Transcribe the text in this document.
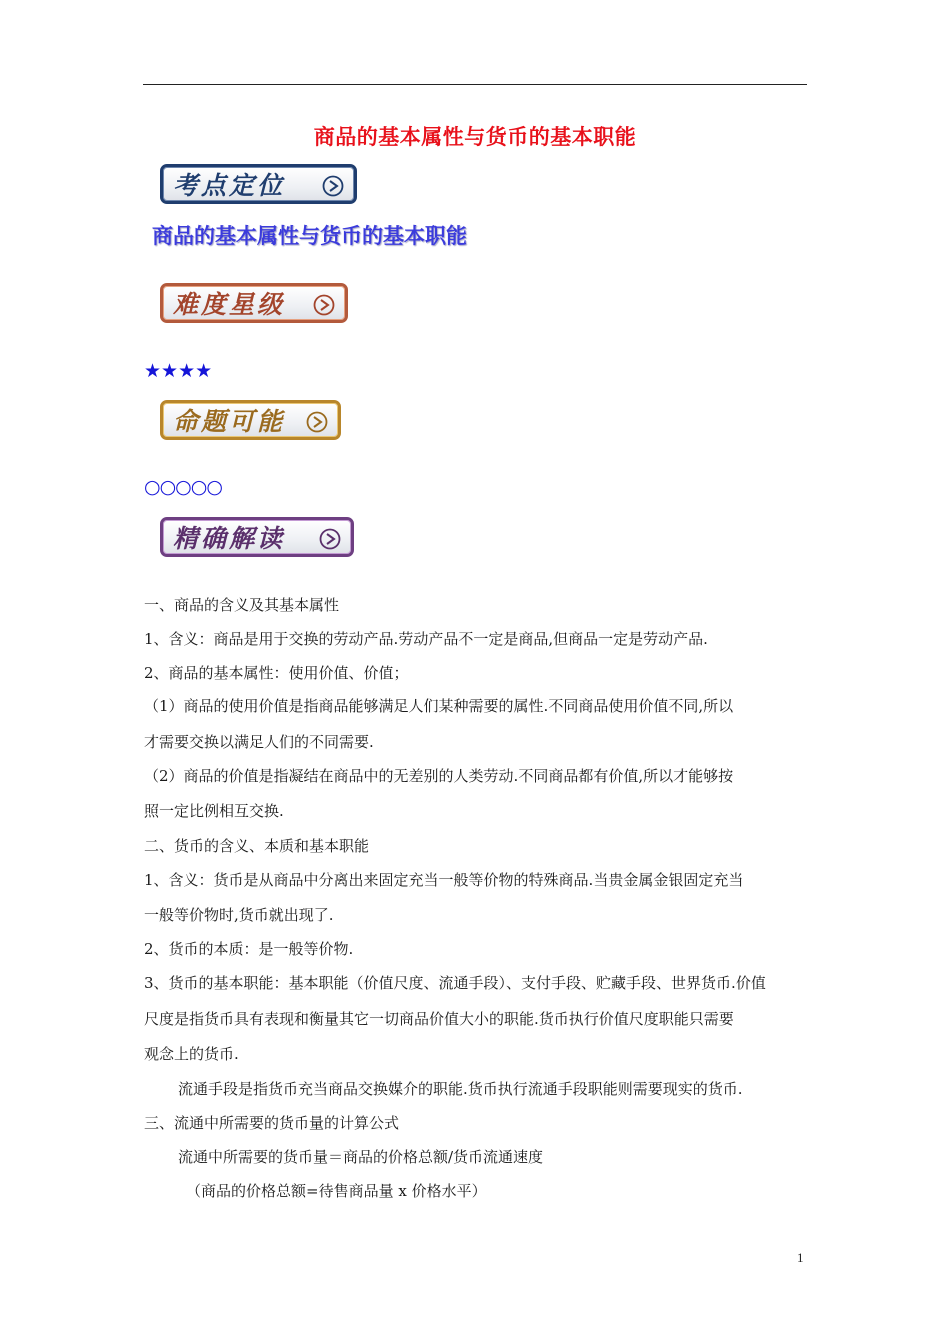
商品的基本属性与货币的基本职能
考点定位
商品的基本属性与货币的基本职能
难度星级
★★★★
命题可能
○○○○○
精确解读
一、商品的含义及其基本属性
1、含义：商品是用于交换的劳动产品.劳动产品不一定是商品,但商品一定是劳动产品.
2、商品的基本属性：使用价值、价值；
（1）商品的使用价值是指商品能够满足人们某种需要的属性.不同商品使用价值不同,所以
才需要交换以满足人们的不同需要.
（2）商品的价值是指凝结在商品中的无差别的人类劳动.不同商品都有价值,所以才能够按
照一定比例相互交换.
二、货币的含义、本质和基本职能
1、含义：货币是从商品中分离出来固定充当一般等价物的特殊商品.当贵金属金银固定充当
一般等价物时,货币就出现了.
2、货币的本质：是一般等价物.
3、货币的基本职能：基本职能（价值尺度、流通手段）、支付手段、贮藏手段、世界货币.价值
尺度是指货币具有表现和衡量其它一切商品价值大小的职能.货币执行价值尺度职能只需要
观念上的货币.
流通手段是指货币充当商品交换媒介的职能.货币执行流通手段职能则需要现实的货币.
三、流通中所需要的货币量的计算公式
流通中所需要的货币量＝商品的价格总额/货币流通速度
（商品的价格总额=待售商品量 x 价格水平）
1
